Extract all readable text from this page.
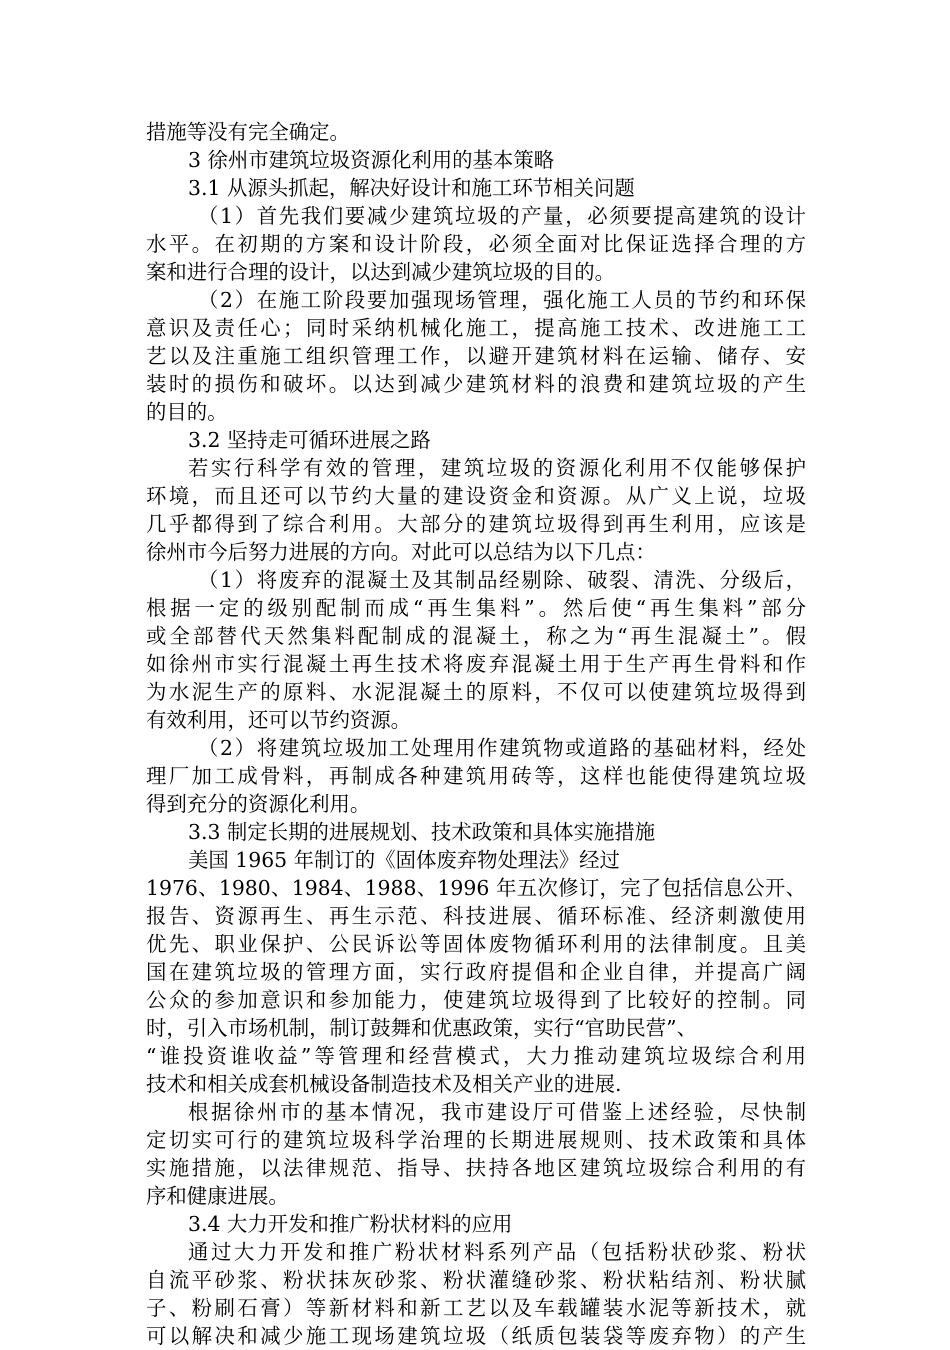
措施等没有完全确定。
3 徐州市建筑垃圾资源化利用的基本策略
3.1 从源头抓起，解决好设计和施工环节相关问题
（1）首先我们要减少建筑垃圾的产量，必须要提高建筑的设计
水平。在初期的方案和设计阶段，必须全面对比保证选择合理的方
案和进行合理的设计，以达到减少建筑垃圾的目的。
（2）在施工阶段要加强现场管理，强化施工人员的节约和环保
意识及责任心；同时采纳机械化施工，提高施工技术、改进施工工
艺以及注重施工组织管理工作，以避开建筑材料在运输、储存、安
装时的损伤和破坏。以达到减少建筑材料的浪费和建筑垃圾的产生
的目的。
3.2 坚持走可循环进展之路
若实行科学有效的管理，建筑垃圾的资源化利用不仅能够保护
环境，而且还可以节约大量的建设资金和资源。从广义上说，垃圾
几乎都得到了综合利用。大部分的建筑垃圾得到再生利用，应该是
徐州市今后努力进展的方向。对此可以总结为以下几点：
（1）将废弃的混凝土及其制品经剔除、破裂、清洗、分级后，
根据一定的级别配制而成“再生集料”。然后使“再生集料”部分
或全部替代天然集料配制成的混凝土，称之为“再生混凝土”。假
如徐州市实行混凝土再生技术将废弃混凝土用于生产再生骨料和作
为水泥生产的原料、水泥混凝土的原料，不仅可以使建筑垃圾得到
有效利用，还可以节约资源。
（2）将建筑垃圾加工处理用作建筑物或道路的基础材料，经处
理厂加工成骨料，再制成各种建筑用砖等，这样也能使得建筑垃圾
得到充分的资源化利用。
3.3 制定长期的进展规划、技术政策和具体实施措施
美国 1965 年制订的《固体废弃物处理法》经过
1976、1980、1984、1988、1996 年五次修订，完了包括信息公开、
报告、资源再生、再生示范、科技进展、循环标准、经济刺激使用
优先、职业保护、公民诉讼等固体废物循环利用的法律制度。且美
国在建筑垃圾的管理方面，实行政府提倡和企业自律，并提高广阔
公众的参加意识和参加能力，使建筑垃圾得到了比较好的控制。同
时，引入市场机制，制订鼓舞和优惠政策，实行“官助民营”、
“谁投资谁收益”等管理和经营模式，大力推动建筑垃圾综合利用
技术和相关成套机械设备制造技术及相关产业的进展.
根据徐州市的基本情况，我市建设厅可借鉴上述经验，尽快制
定切实可行的建筑垃圾科学治理的长期进展规则、技术政策和具体
实施措施，以法律规范、指导、扶持各地区建筑垃圾综合利用的有
序和健康进展。
3.4 大力开发和推广粉状材料的应用
通过大力开发和推广粉状材料系列产品（包括粉状砂浆、粉状
自流平砂浆、粉状抹灰砂浆、粉状灌缝砂浆、粉状粘结剂、粉状腻
子、粉刷石膏）等新材料和新工艺以及车载罐装水泥等新技术，就
可以解决和减少施工现场建筑垃圾（纸质包装袋等废弃物）的产生
